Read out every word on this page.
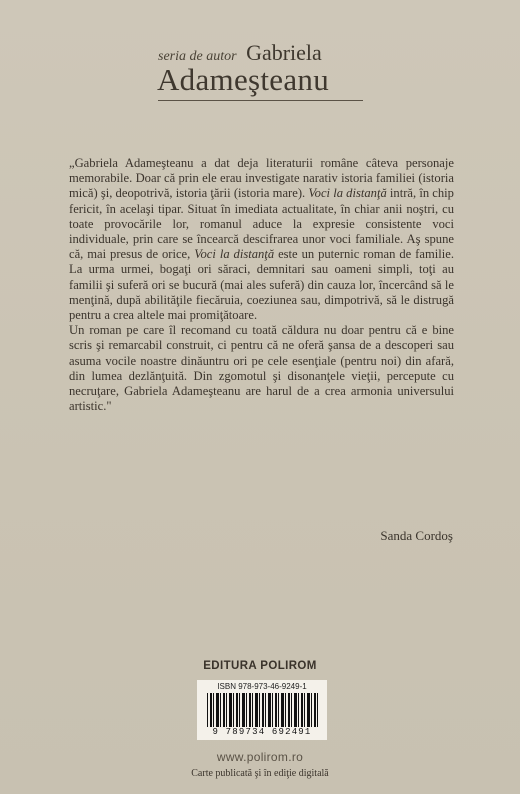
seria de autor Gabriela
Adameşteanu

„Gabriela Adameşteanu a dat deja literaturii române câteva personaje memorabile. Doar că prin ele erau investigate narativ istoria familiei (istoria mică) şi, deopotrivă, istoria ţării (istoria mare). Voci la distanţă intră, în chip fericit, în acelaşi tipar. Situat în imediata actualitate, în chiar anii noştri, cu toate provocările lor, romanul aduce la expresie consistente voci individuale, prin care se încearcă descifrarea unor voci familiale. Aş spune că, mai presus de orice, Voci la distanţă este un puternic roman de familie. La urma urmei, bogaţi ori săraci, demnitari sau oameni simpli, toţi au familii şi suferă ori se bucură (mai ales suferă) din cauza lor, încercând să le menţină, după abilităţile fiecăruia, coeziunea sau, dimpotrivă, să le distrugă pentru a crea altele mai promiţătoare.

Un roman pe care îl recomand cu toată căldura nu doar pentru că e bine scris şi remarcabil construit, ci pentru că ne oferă şansa de a descoperi sau asuma vocile noastre dinăuntru ori pe cele esenţiale (pentru noi) din afară, din lumea dezlănţuită. Din zgomotul şi disonanţele vieţii, percepute cu necruţare, Gabriela Adameşteanu are harul de a crea armonia universului artistic."

Sanda Cordoş
EDITURA POLIROM
ISBN 978-973-46-9249-1
9 789734 692491
www.polirom.ro
Carte publicată şi în ediţie digitală
